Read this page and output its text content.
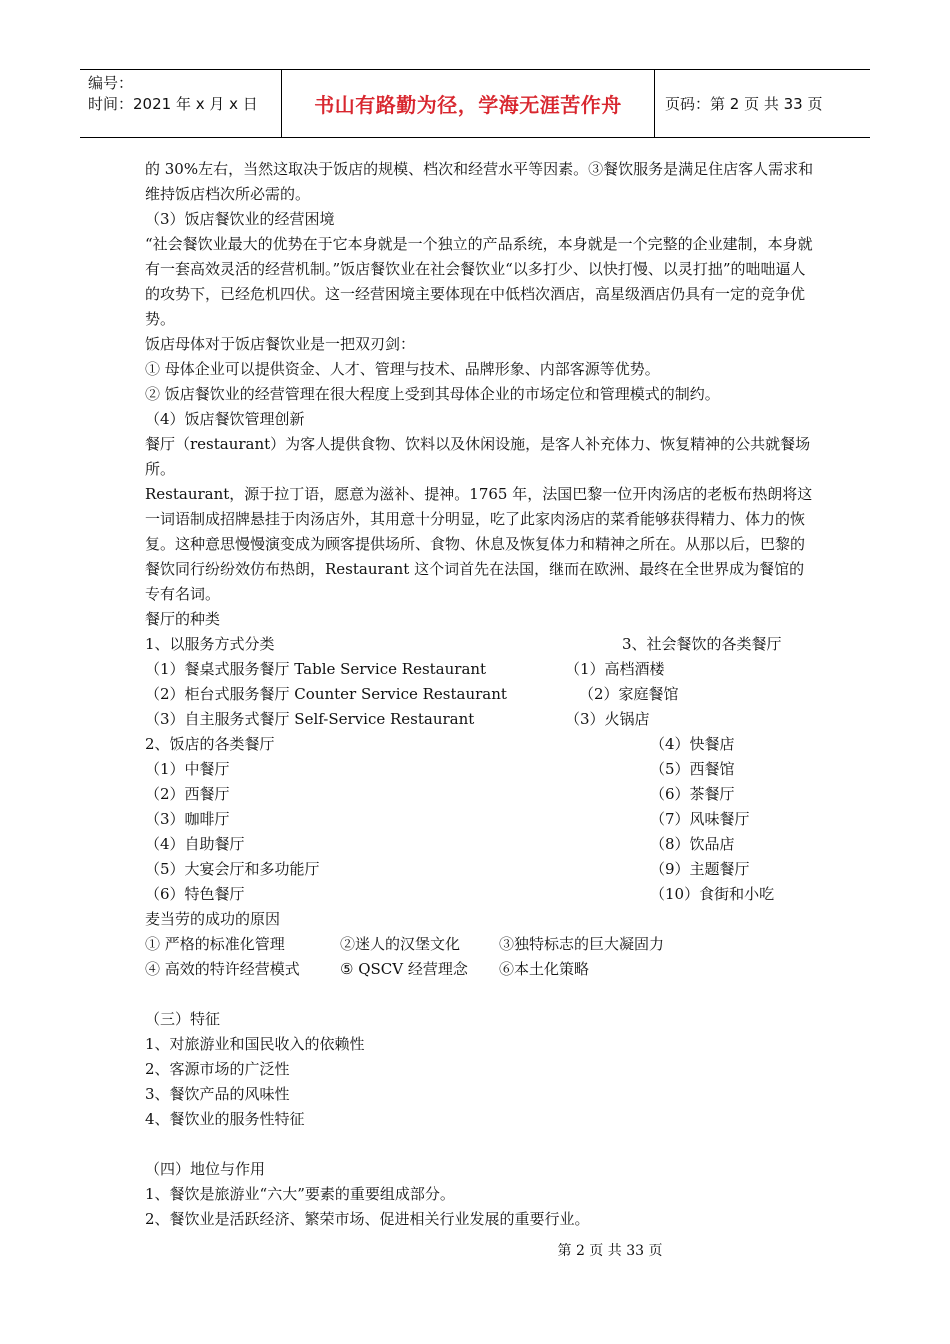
编号：
时间：2021 年 x 月 x 日	书山有路勤为径，学海无涯苦作舟	页码：第 2 页 共 33 页

的 30%左右，当然这取决于饭店的规模、档次和经营水平等因素。③餐饮服务是满足住店客人需求和维持饭店档次所必需的。

（3）饭店餐饮业的经营困境

“社会餐饮业最大的优势在于它本身就是一个独立的产品系统，本身就是一个完整的企业建制，本身就有一套高效灵活的经营机制。”饭店餐饮业在社会餐饮业“以多打少、以快打慢、以灵打拙”的咄咄逼人的攻势下，已经危机四伏。这一经营困境主要体现在中低档次酒店，高星级酒店仍具有一定的竞争优势。

饭店母体对于饭店餐饮业是一把双刃剑：

① 母体企业可以提供资金、人才、管理与技术、品牌形象、内部客源等优势。

② 饭店餐饮业的经营管理在很大程度上受到其母体企业的市场定位和管理模式的制约。

（4）饭店餐饮管理创新

餐厅（restaurant）为客人提供食物、饮料以及休闲设施，是客人补充体力、恢复精神的公共就餐场所。

Restaurant，源于拉丁语，愿意为滋补、提神。1765 年，法国巴黎一位开肉汤店的老板布热朗将这一词语制成招牌悬挂于肉汤店外，其用意十分明显，吃了此家肉汤店的菜肴能够获得精力、体力的恢复。这种意思慢慢演变成为顾客提供场所、食物、休息及恢复体力和精神之所在。从那以后，巴黎的餐饮同行纷纷效仿布热朗，Restaurant 这个词首先在法国，继而在欧洲、最终在全世界成为餐馆的专有名词。

餐厅的种类

1、以服务方式分类	3、社会餐饮的各类餐厅
（1）餐桌式服务餐厅 Table Service Restaurant	（1）高档酒楼
（2）柜台式服务餐厅 Counter Service Restaurant	（2）家庭餐馆
（3）自主服务式餐厅 Self-Service Restaurant	（3）火锅店
2、饭店的各类餐厅	（4）快餐店
（1）中餐厅	（5）西餐馆
（2）西餐厅	（6）茶餐厅
（3）咖啡厅	（7）风味餐厅
（4）自助餐厅	（8）饮品店
（5）大宴会厅和多功能厅	（9）主题餐厅
（6）特色餐厅	（10）食街和小吃

麦当劳的成功的原因

① 严格的标准化管理	②迷人的汉堡文化	③独特标志的巨大凝固力
④ 高效的特许经营模式	⑤ QSCV 经营理念 ⑥本土化策略

（三）特征

1、对旅游业和国民收入的依赖性

2、客源市场的广泛性

3、餐饮产品的风味性

4、餐饮业的服务性特征

（四）地位与作用

1、餐饮是旅游业“六大”要素的重要组成部分。

2、餐饮业是活跃经济、繁荣市场、促进相关行业发展的重要行业。

第 2 页 共 33 页
